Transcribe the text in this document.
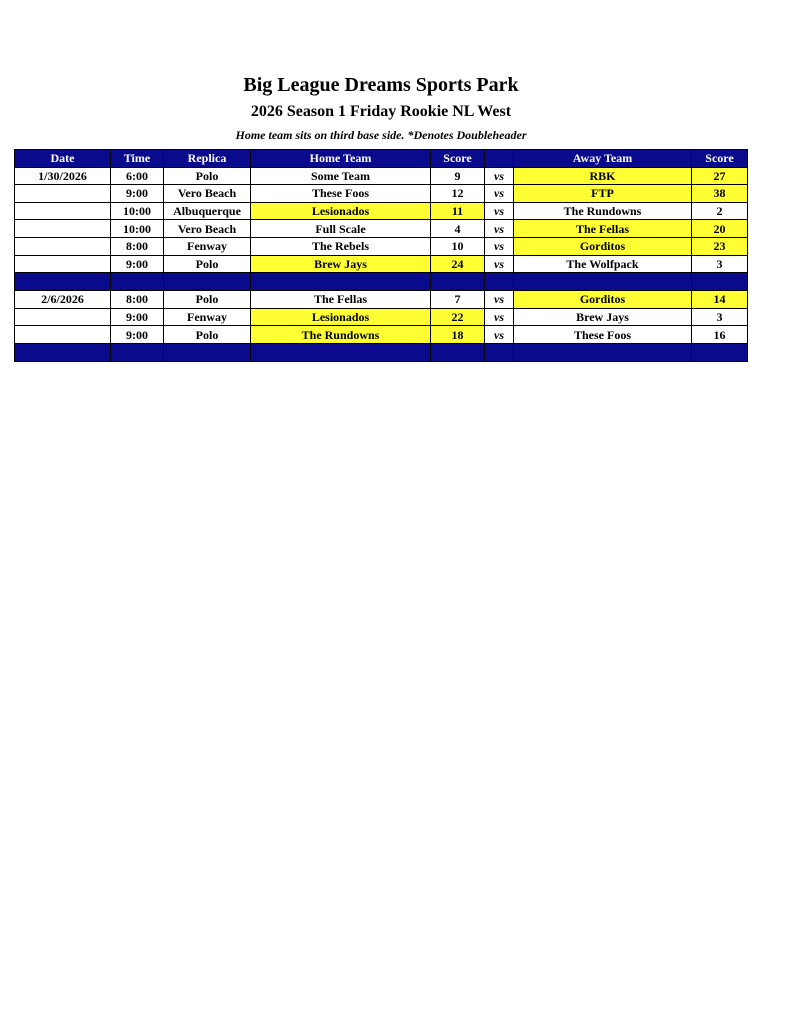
Big League Dreams Sports Park
2026 Season 1 Friday Rookie NL West
Home team sits on third base side. *Denotes Doubleheader
Date	Time	Replica	Home Team	Score		Away Team	Score
1/30/2026	6:00	Polo	Some Team	9	vs	RBK	27
	9:00	Vero Beach	These Foos	12	vs	FTP	38
	10:00	Albuquerque	Lesionados	11	vs	The Rundowns	2
	10:00	Vero Beach	Full Scale	4	vs	The Fellas	20
	8:00	Fenway	The Rebels	10	vs	Gorditos	23
	9:00	Polo	Brew Jays	24	vs	The Wolfpack	3

2/6/2026	8:00	Polo	The Fellas	7	vs	Gorditos	14
	9:00	Fenway	Lesionados	22	vs	Brew Jays	3
	9:00	Polo	The Rundowns	18	vs	These Foos	16
